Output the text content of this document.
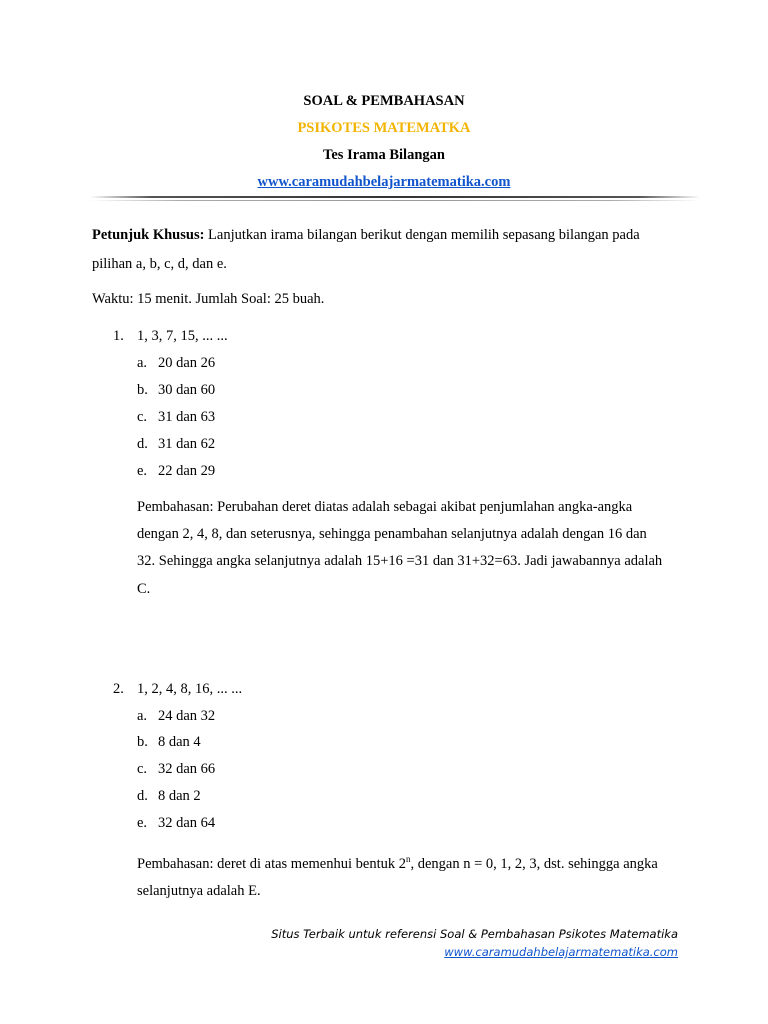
SOAL & PEMBAHASAN
PSIKOTES MATEMATKA
Tes Irama Bilangan
www.caramudahbelajarmatematika.com
Petunjuk Khusus: Lanjutkan irama bilangan berikut dengan memilih sepasang bilangan pada
pilihan a, b, c, d, dan e.
Waktu: 15 menit. Jumlah Soal: 25 buah.
1. 1, 3, 7, 15, ... ...
a. 20 dan 26
b. 30 dan 60
c. 31 dan 63
d. 31 dan 62
e. 22 dan 29
Pembahasan: Perubahan deret diatas adalah sebagai akibat penjumlahan angka-angka
dengan 2, 4, 8, dan seterusnya, sehingga penambahan selanjutnya adalah dengan 16 dan
32. Sehingga angka selanjutnya adalah 15+16 =31 dan 31+32=63. Jadi jawabannya adalah
C.
2. 1, 2, 4, 8, 16, ... ...
a. 24 dan 32
b. 8 dan 4
c. 32 dan 66
d. 8 dan 2
e. 32 dan 64
Pembahasan: deret di atas memenhui bentuk 2$^n$, dengan n = 0, 1, 2, 3, dst. sehingga angka
selanjutnya adalah E.
Situs Terbaik untuk referensi Soal & Pembahasan Psikotes Matematika
www.caramudahbelajarmatematika.com
